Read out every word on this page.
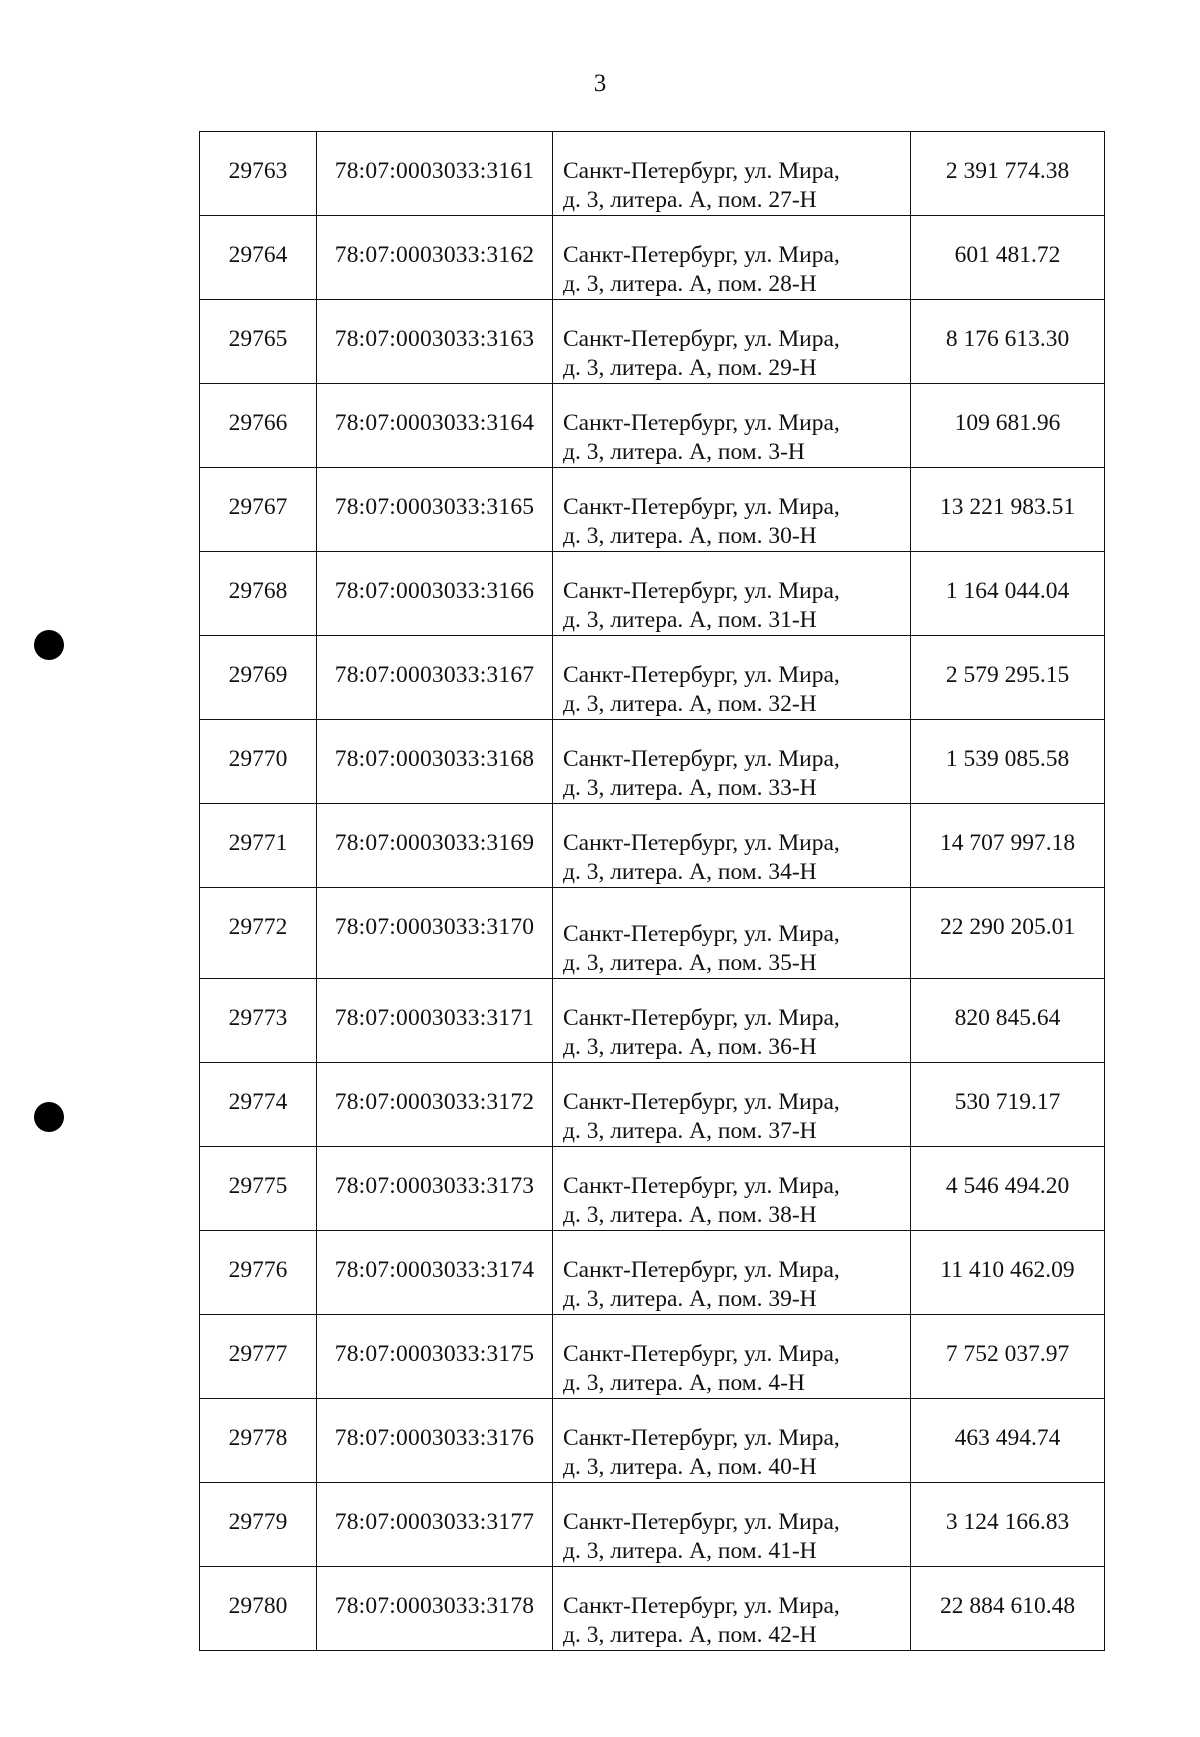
3
29763	78:07:0003033:3161	Санкт-Петербург, ул. Мира,
д. 3, литера. А, пом. 27-Н	2 391 774.38
29764	78:07:0003033:3162	Санкт-Петербург, ул. Мира,
д. 3, литера. А, пом. 28-Н	601 481.72
29765	78:07:0003033:3163	Санкт-Петербург, ул. Мира,
д. 3, литера. А, пом. 29-Н	8 176 613.30
29766	78:07:0003033:3164	Санкт-Петербург, ул. Мира,
д. 3, литера. А, пом. 3-Н	109 681.96
29767	78:07:0003033:3165	Санкт-Петербург, ул. Мира,
д. 3, литера. А, пом. 30-Н	13 221 983.51
29768	78:07:0003033:3166	Санкт-Петербург, ул. Мира,
д. 3, литера. А, пом. 31-Н	1 164 044.04
29769	78:07:0003033:3167	Санкт-Петербург, ул. Мира,
д. 3, литера. А, пом. 32-Н	2 579 295.15
29770	78:07:0003033:3168	Санкт-Петербург, ул. Мира,
д. 3, литера. А, пом. 33-Н	1 539 085.58
29771	78:07:0003033:3169	Санкт-Петербург, ул. Мира,
д. 3, литера. А, пом. 34-Н	14 707 997.18
29772	78:07:0003033:3170	Санкт-Петербург, ул. Мира,
д. 3, литера. А, пом. 35-Н	22 290 205.01
29773	78:07:0003033:3171	Санкт-Петербург, ул. Мира,
д. 3, литера. А, пом. 36-Н	820 845.64
29774	78:07:0003033:3172	Санкт-Петербург, ул. Мира,
д. 3, литера. А, пом. 37-Н	530 719.17
29775	78:07:0003033:3173	Санкт-Петербург, ул. Мира,
д. 3, литера. А, пом. 38-Н	4 546 494.20
29776	78:07:0003033:3174	Санкт-Петербург, ул. Мира,
д. 3, литера. А, пом. 39-Н	11 410 462.09
29777	78:07:0003033:3175	Санкт-Петербург, ул. Мира,
д. 3, литера. А, пом. 4-Н	7 752 037.97
29778	78:07:0003033:3176	Санкт-Петербург, ул. Мира,
д. 3, литера. А, пом. 40-Н	463 494.74
29779	78:07:0003033:3177	Санкт-Петербург, ул. Мира,
д. 3, литера. А, пом. 41-Н	3 124 166.83
29780	78:07:0003033:3178	Санкт-Петербург, ул. Мира,
д. 3, литера. А, пом. 42-Н	22 884 610.48
